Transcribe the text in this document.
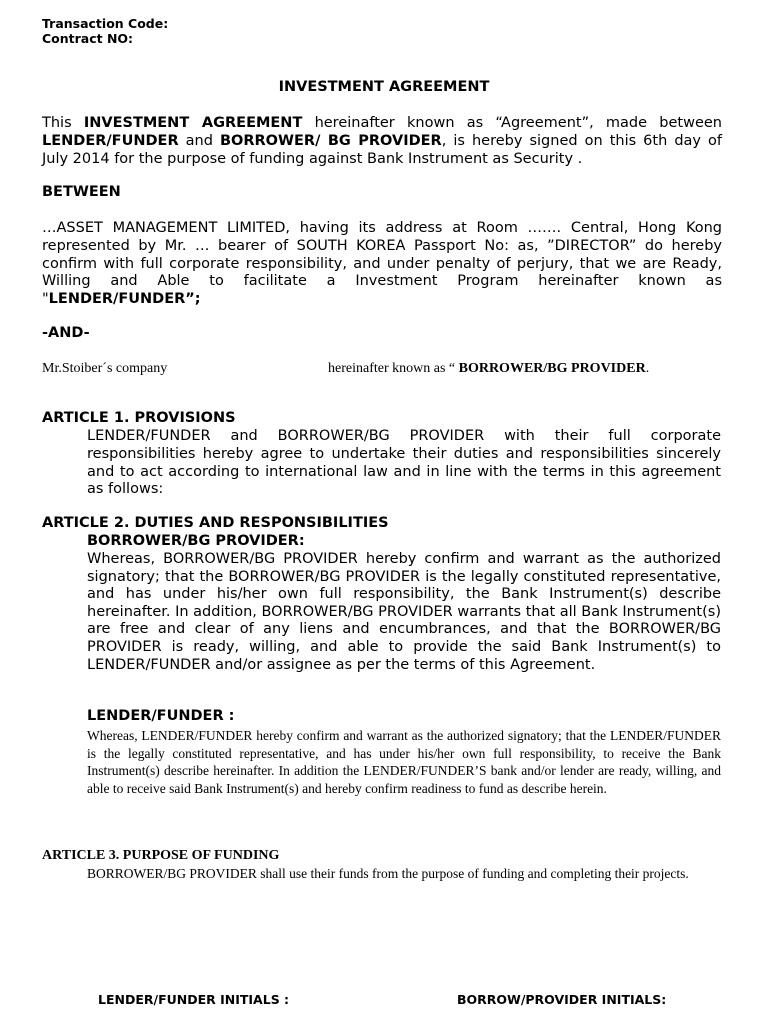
Transaction Code:
Contract NO:
INVESTMENT AGREEMENT
This INVESTMENT AGREEMENT hereinafter known as “Agreement”, made between LENDER/FUNDER and BORROWER/ BG PROVIDER, is hereby signed on this 6th day of July 2014 for the purpose of funding against Bank Instrument as Security .
BETWEEN
…ASSET MANAGEMENT LIMITED, having its address at Room ……. Central, Hong Kong represented by Mr. … bearer of SOUTH KOREA Passport No: as, ”DIRECTOR” do hereby confirm with full corporate responsibility, and under penalty of perjury, that we are Ready, Willing and Able to facilitate a Investment Program hereinafter known as "LENDER/FUNDER”;
-AND-
Mr.Stoiber´s company	hereinafter known as “ BORROWER/BG PROVIDER.
ARTICLE 1. PROVISIONS
LENDER/FUNDER and BORROWER/BG PROVIDER with their full corporate responsibilities hereby agree to undertake their duties and responsibilities sincerely and to act according to international law and in line with the terms in this agreement as follows:
ARTICLE 2. DUTIES AND RESPONSIBILITIES
BORROWER/BG PROVIDER:
Whereas, BORROWER/BG PROVIDER hereby confirm and warrant as the authorized signatory; that the BORROWER/BG PROVIDER is the legally constituted representative, and has under his/her own full responsibility, the Bank Instrument(s) describe hereinafter. In addition, BORROWER/BG PROVIDER warrants that all Bank Instrument(s) are free and clear of any liens and encumbrances, and that the BORROWER/BG PROVIDER is ready, willing, and able to provide the said Bank Instrument(s) to LENDER/FUNDER and/or assignee as per the terms of this Agreement.
LENDER/FUNDER :
Whereas, LENDER/FUNDER hereby confirm and warrant as the authorized signatory; that the LENDER/FUNDER is the legally constituted representative, and has under his/her own full responsibility, to receive the Bank Instrument(s) describe hereinafter. In addition the LENDER/FUNDER’S bank and/or lender are ready, willing, and able to receive said Bank Instrument(s) and hereby confirm readiness to fund as describe herein.
ARTICLE 3. PURPOSE OF FUNDING
BORROWER/BG PROVIDER shall use their funds from the purpose of funding and completing their projects.
LENDER/FUNDER INITIALS :	BORROW/PROVIDER INITIALS:
